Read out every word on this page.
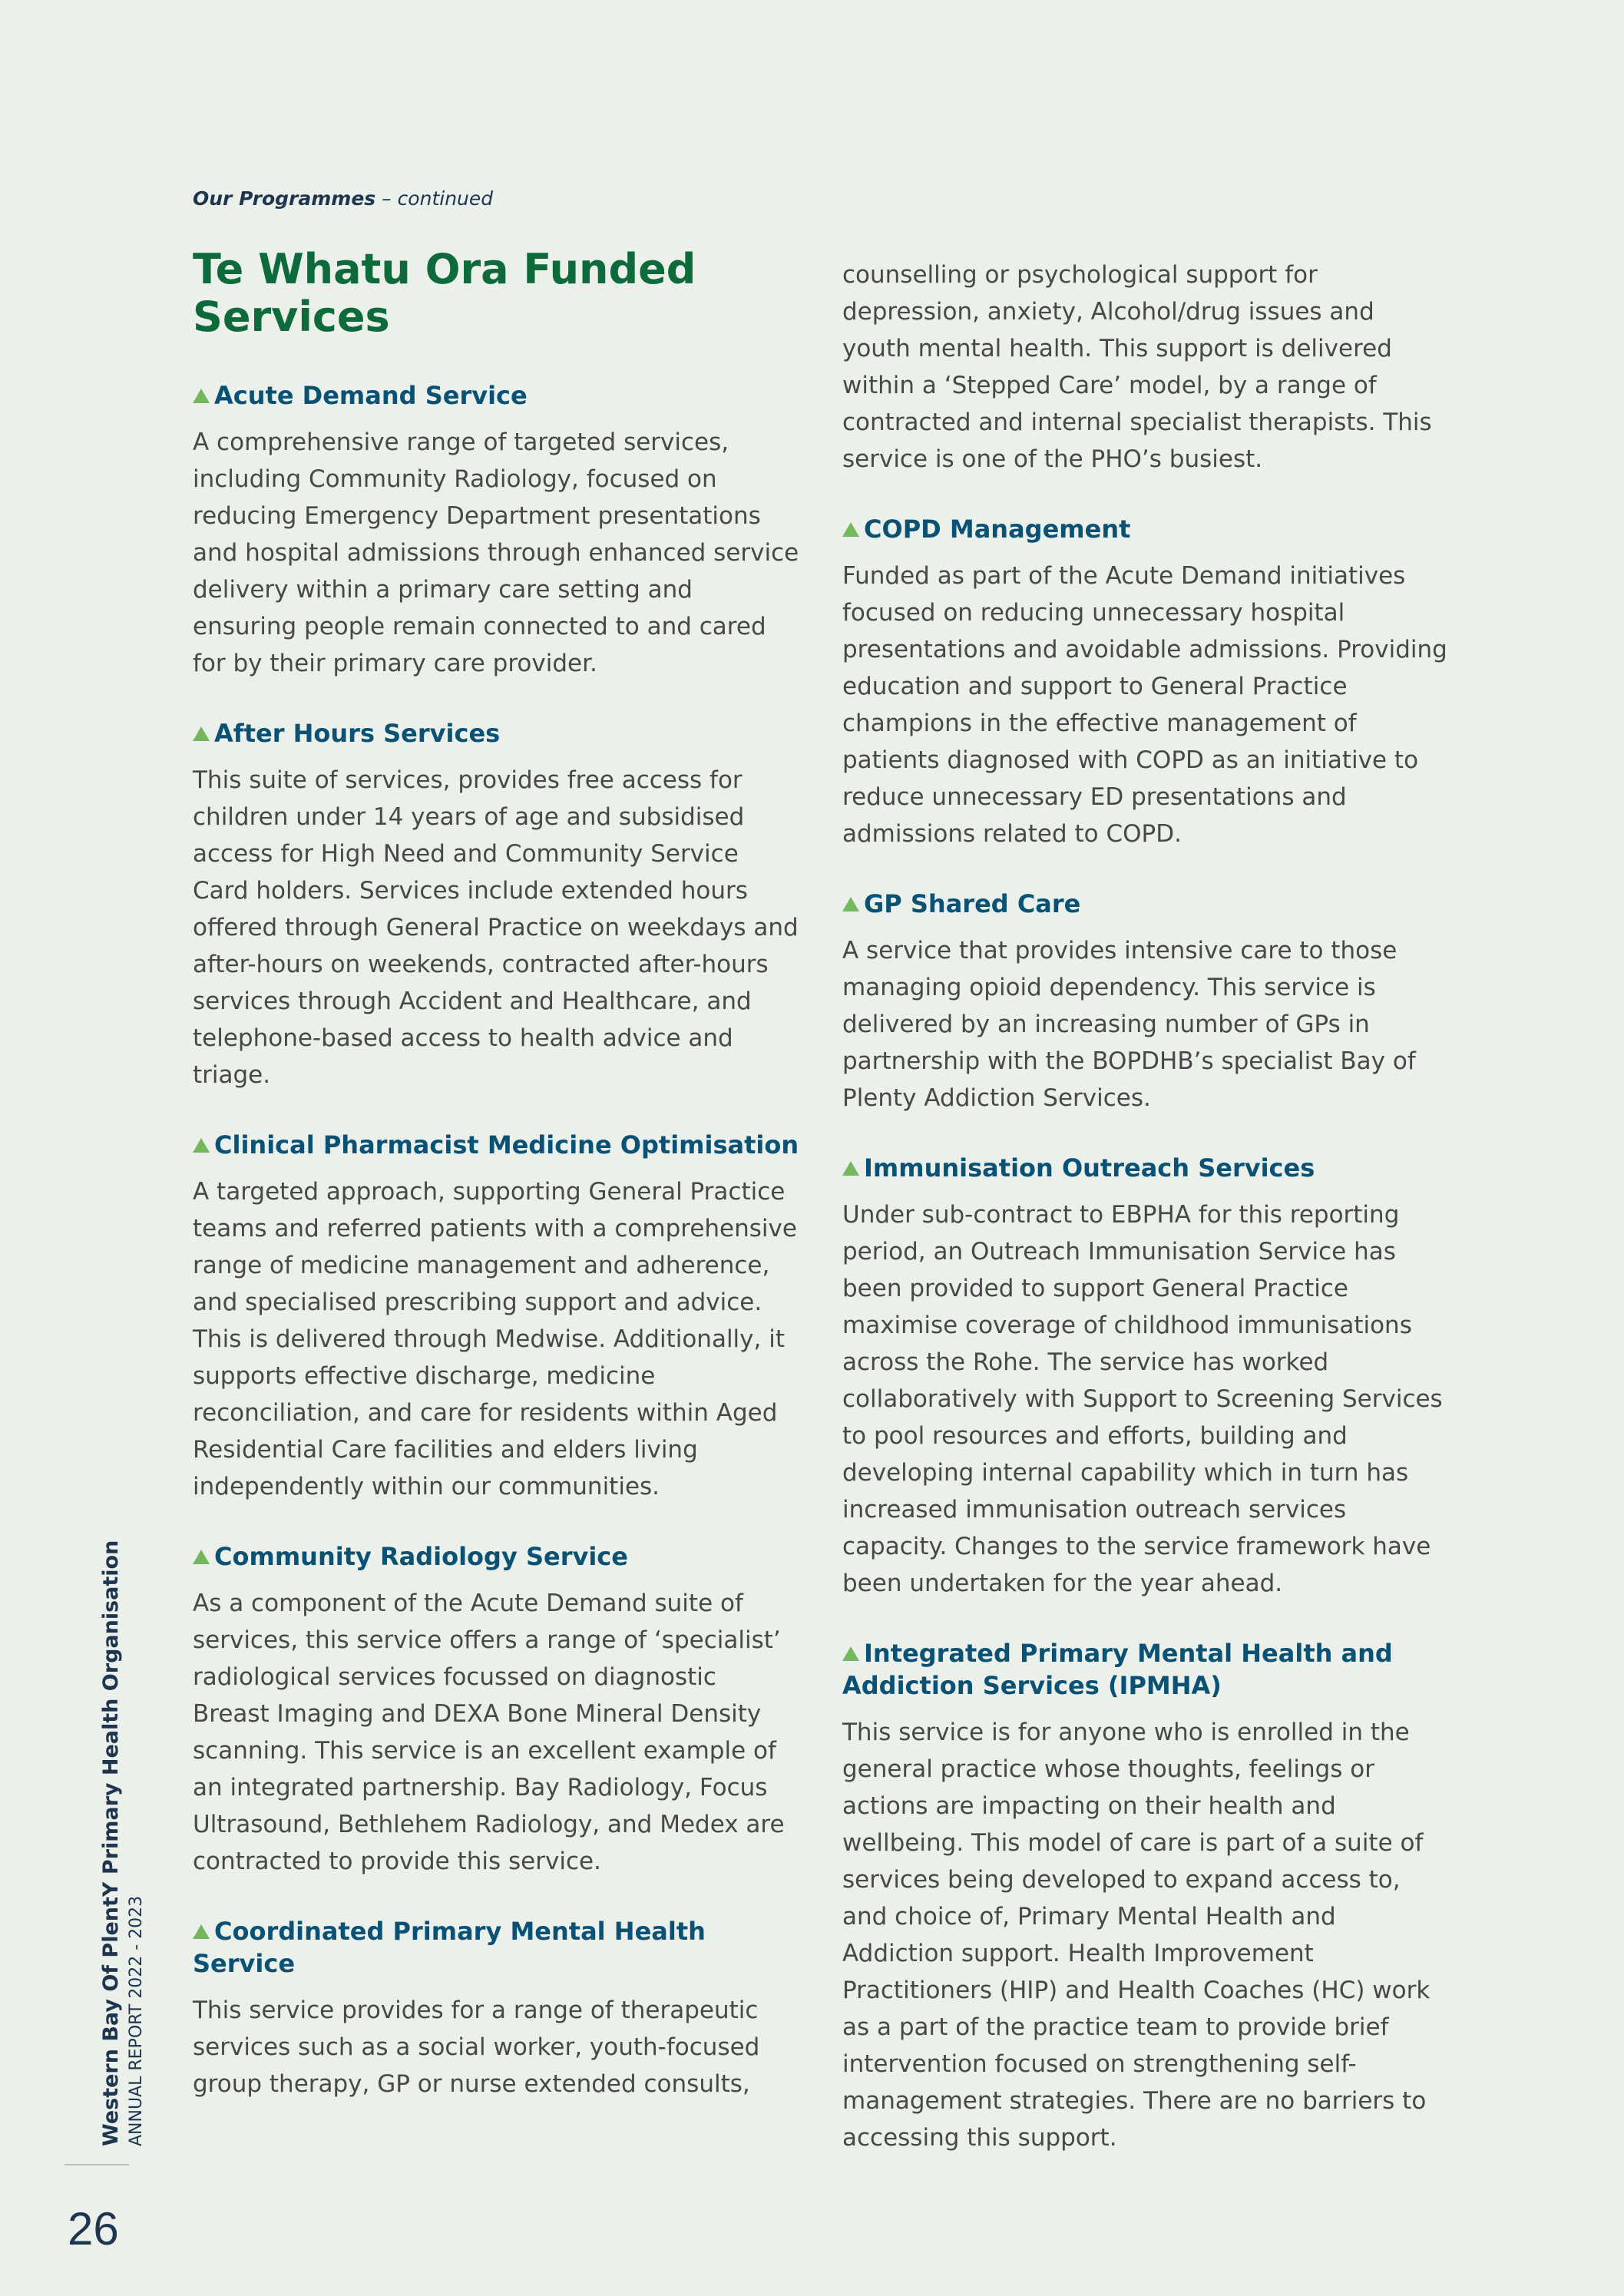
Our Programmes – continued
Te Whatu Ora Funded Services
Acute Demand Service

A comprehensive range of targeted services, including Community Radiology, focused on reducing Emergency Department presentations and hospital admissions through enhanced service delivery within a primary care setting and ensuring people remain connected to and cared for by their primary care provider.

After Hours Services

This suite of services, provides free access for children under 14 years of age and subsidised access for High Need and Community Service Card holders. Services include extended hours offered through General Practice on weekdays and after-hours on weekends, contracted after-hours services through Accident and Healthcare, and telephone-based access to health advice and triage.

Clinical Pharmacist Medicine Optimisation

A targeted approach, supporting General Practice teams and referred patients with a comprehensive range of medicine management and adherence, and specialised prescribing support and advice. This is delivered through Medwise. Additionally, it supports effective discharge, medicine reconciliation, and care for residents within Aged Residential Care facilities and elders living independently within our communities.

Community Radiology Service

As a component of the Acute Demand suite of services, this service offers a range of ‘specialist’ radiological services focussed on diagnostic Breast Imaging and DEXA Bone Mineral Density scanning. This service is an excellent example of an integrated partnership. Bay Radiology, Focus Ultrasound, Bethlehem Radiology, and Medex are contracted to provide this service.

Coordinated Primary Mental Health Service

This service provides for a range of therapeutic services such as a social worker, youth-focused group therapy, GP or nurse extended consults,

counselling or psychological support for depression, anxiety, Alcohol/drug issues and youth mental health. This support is delivered within a ‘Stepped Care’ model, by a range of contracted and internal specialist therapists. This service is one of the PHO’s busiest.

COPD Management

Funded as part of the Acute Demand initiatives focused on reducing unnecessary hospital presentations and avoidable admissions. Providing education and support to General Practice champions in the effective management of patients diagnosed with COPD as an initiative to reduce unnecessary ED presentations and admissions related to COPD.

GP Shared Care

A service that provides intensive care to those managing opioid dependency. This service is delivered by an increasing number of GPs in partnership with the BOPDHB’s specialist Bay of Plenty Addiction Services.

Immunisation Outreach Services

Under sub-contract to EBPHA for this reporting period, an Outreach Immunisation Service has been provided to support General Practice maximise coverage of childhood immunisations across the Rohe. The service has worked collaboratively with Support to Screening Services to pool resources and efforts, building and developing internal capability which in turn has increased immunisation outreach services capacity. Changes to the service framework have been undertaken for the year ahead.

Integrated Primary Mental Health and Addiction Services (IPMHA)

This service is for anyone who is enrolled in the general practice whose thoughts, feelings or actions are impacting on their health and wellbeing. This model of care is part of a suite of services being developed to expand access to, and choice of, Primary Mental Health and Addiction support. Health Improvement Practitioners (HIP) and Health Coaches (HC) work as a part of the practice team to provide brief intervention focused on strengthening self-management strategies. There are no barriers to accessing this support.

Western Bay Of PlentY Primary Health Organisation ANNUAL REPORT 2022 - 2023
26
